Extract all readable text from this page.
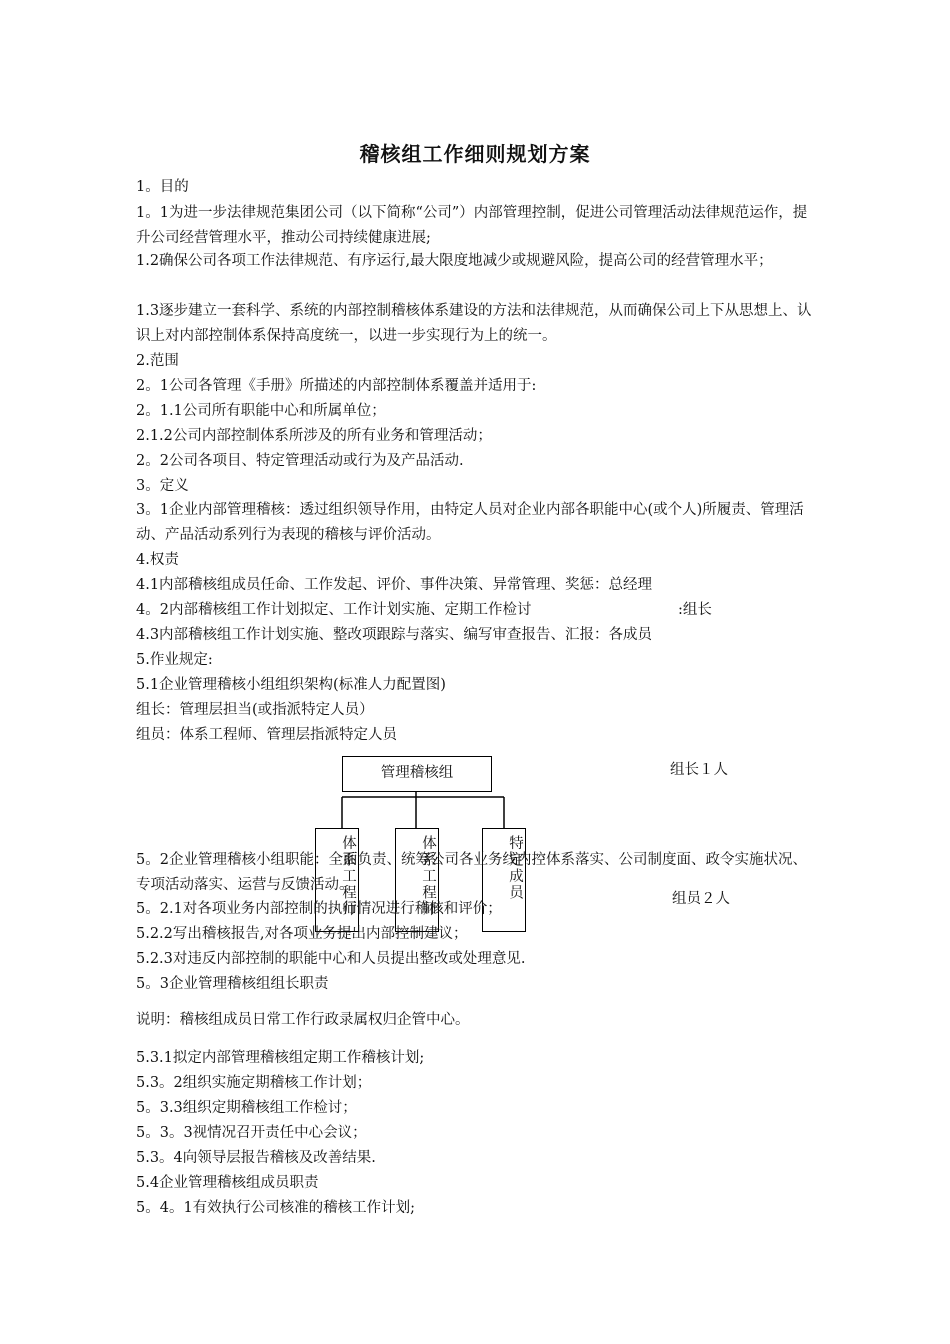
稽核组工作细则规划方案
1。目的
1。1为进一步法律规范集团公司（以下简称“公司”）内部管理控制，促进公司管理活动法律规范运作，提升公司经营管理水平，推动公司持续健康进展;
1.2确保公司各项工作法律规范、有序运行,最大限度地减少或规避风险，提高公司的经营管理水平；
1.3逐步建立一套科学、系统的内部控制稽核体系建设的方法和法律规范，从而确保公司上下从思想上、认识上对内部控制体系保持高度统一，以进一步实现行为上的统一。
2.范围
2。1公司各管理《手册》所描述的内部控制体系覆盖并适用于:
2。1.1公司所有职能中心和所属单位；
2.1.2公司内部控制体系所涉及的所有业务和管理活动；
2。2公司各项目、特定管理活动或行为及产品活动.
3。定义
3。1企业内部管理稽核：透过组织领导作用，由特定人员对企业内部各职能中心(或个人)所履责、管理活动、产品活动系列行为表现的稽核与评价活动。
4.权责
4.1内部稽核组成员任命、工作发起、评价、事件决策、异常管理、奖惩：总经理
4。2内部稽核组工作计划拟定、工作计划实施、定期工作检讨	:组长
4.3内部稽核组工作计划实施、整改项跟踪与落实、编写审查报告、汇报：各成员
5.作业规定:
5.1企业管理稽核小组组织架构(标准人力配置图)
组长：管理层担当(或指派特定人员）
组员：体系工程师、管理层指派特定人员
管理稽核组
体系工程师	体系工程师	特定成员
组长１人
组员２人
5。2企业管理稽核小组职能：全面负责、统筹公司各业务线内控体系落实、公司制度面、政令实施状况、专项活动落实、运营与反馈活动。
5。2.1对各项业务内部控制的执行情况进行稽核和评价；
5.2.2写出稽核报告,对各项业务提出内部控制建议；
5.2.3对违反内部控制的职能中心和人员提出整改或处理意见.
5。3企业管理稽核组组长职责
说明：稽核组成员日常工作行政录属权归企管中心。
5.3.1拟定内部管理稽核组定期工作稽核计划;
5.3。2组织实施定期稽核工作计划；
5。3.3组织定期稽核组工作检讨；
5。3。3视情况召开责任中心会议；
5.3。4向领导层报告稽核及改善结果.
5.4企业管理稽核组成员职责
5。4。1有效执行公司核准的稽核工作计划;
